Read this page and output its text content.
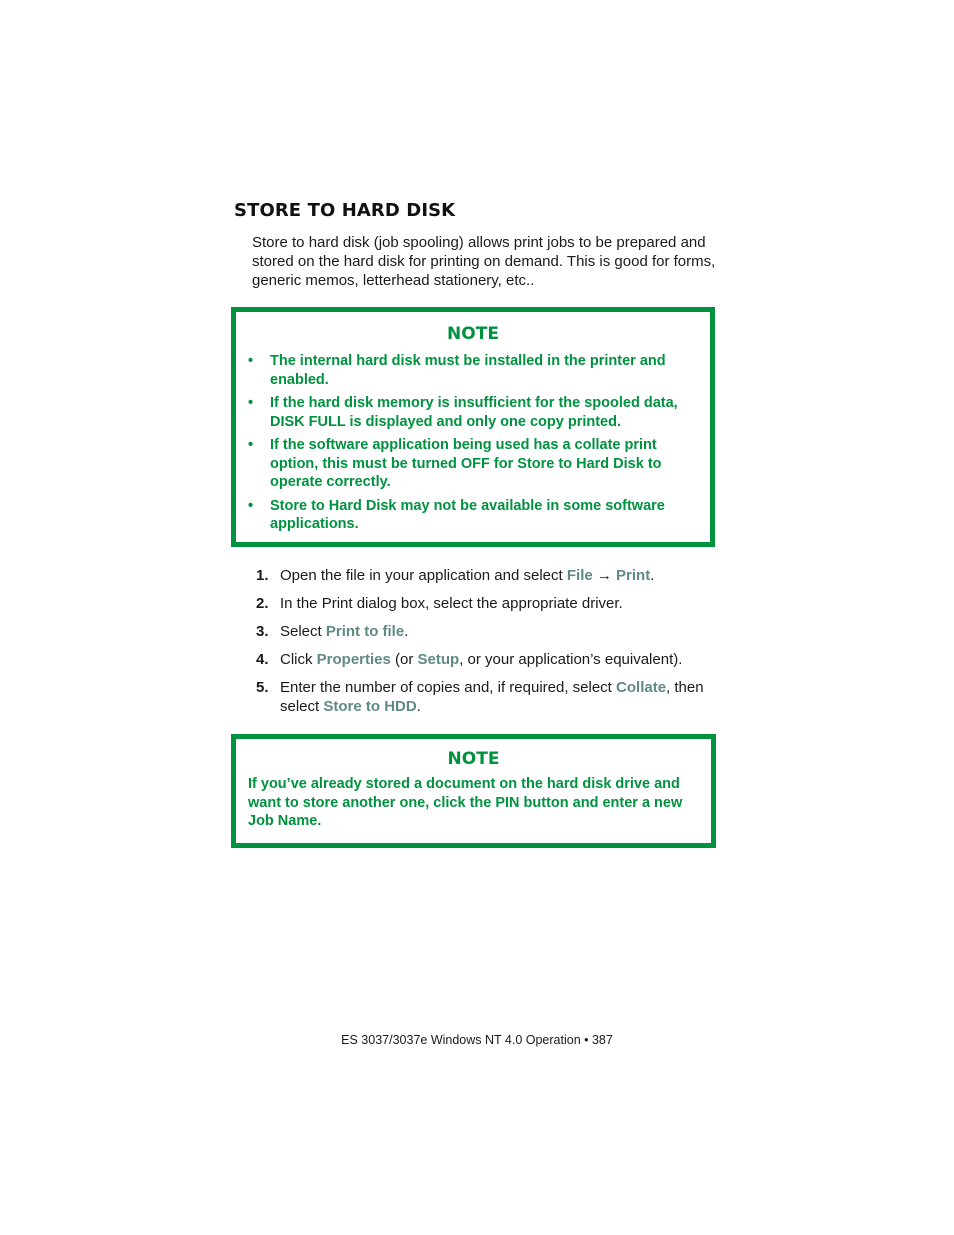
STORE TO HARD DISK
Store to hard disk (job spooling) allows print jobs to be prepared and stored on the hard disk for printing on demand. This is good for forms, generic memos, letterhead stationery, etc..
NOTE
• The internal hard disk must be installed in the printer and enabled.
• If the hard disk memory is insufficient for the spooled data, DISK FULL is displayed and only one copy printed.
• If the software application being used has a collate print option, this must be turned OFF for Store to Hard Disk to operate correctly.
• Store to Hard Disk may not be available in some software applications.
1. Open the file in your application and select File → Print.
2. In the Print dialog box, select the appropriate driver.
3. Select Print to file.
4. Click Properties (or Setup, or your application’s equivalent).
5. Enter the number of copies and, if required, select Collate, then select Store to HDD.
NOTE
If you’ve already stored a document on the hard disk drive and want to store another one, click the PIN button and enter a new Job Name.
ES 3037/3037e Windows NT 4.0 Operation • 387
